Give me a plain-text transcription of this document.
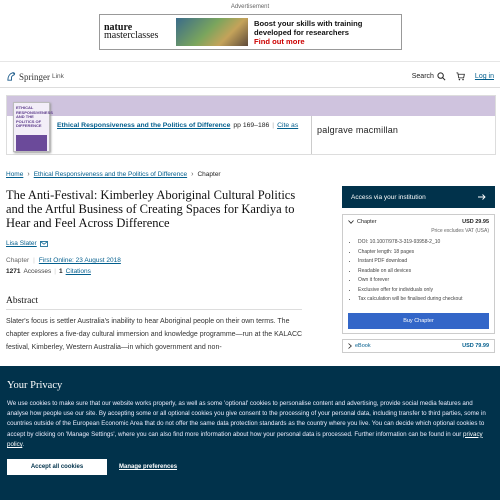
Advertisement
nature
masterclasses
Boost your skills with training
developed for researchers
Find out more
Springer Link	Search	Log in
ETHICAL RESPONSIVENESS AND THE POLITICS OF DIFFERENCE	Ethical Responsiveness and the Politics of Difference pp 169–186 | Cite as palgrave macmillan
Home › Ethical Responsiveness and the Politics of Difference › Chapter
The Anti-Festival: Kimberley Aboriginal Cultural Politics and the Artful Business of Creating Spaces for Kardiya to Hear and Feel Across Difference
Lisa Slater
Chapter | First Online: 23 August 2018
1271 Accesses | 1 Citations
Abstract

Slater's focus is settler Australia's inability to hear Aboriginal people on their own terms. The chapter explores a five-day cultural immersion and knowledge programme—run at the KALACC festival, Kimberley, Western Australia—in which government and non-

Access via your institution
Chapter	USD 29.95
Price excludes VAT (USA)
• DOI: 10.1007/978-3-319-93958-2_10
• Chapter length: 18 pages
• Instant PDF download
• Readable on all devices
• Own it forever
• Exclusive offer for individuals only
• Tax calculation will be finalised during checkout
Buy Chapter
eBook	USD 79.99
Your Privacy

We use cookies to make sure that our website works properly, as well as some 'optional' cookies to personalise content and advertising, provide social media features and analyse how people use our site. By accepting some or all optional cookies you give consent to the processing of your personal data, including transfer to third parties, some in countries outside of the European Economic Area that do not offer the same data protection standards as the country where you live. You can decide which optional cookies to accept by clicking on 'Manage Settings', where you can also find more information about how your personal data is processed. Further information can be found in our privacy policy.

Accept all cookies	Manage preferences
